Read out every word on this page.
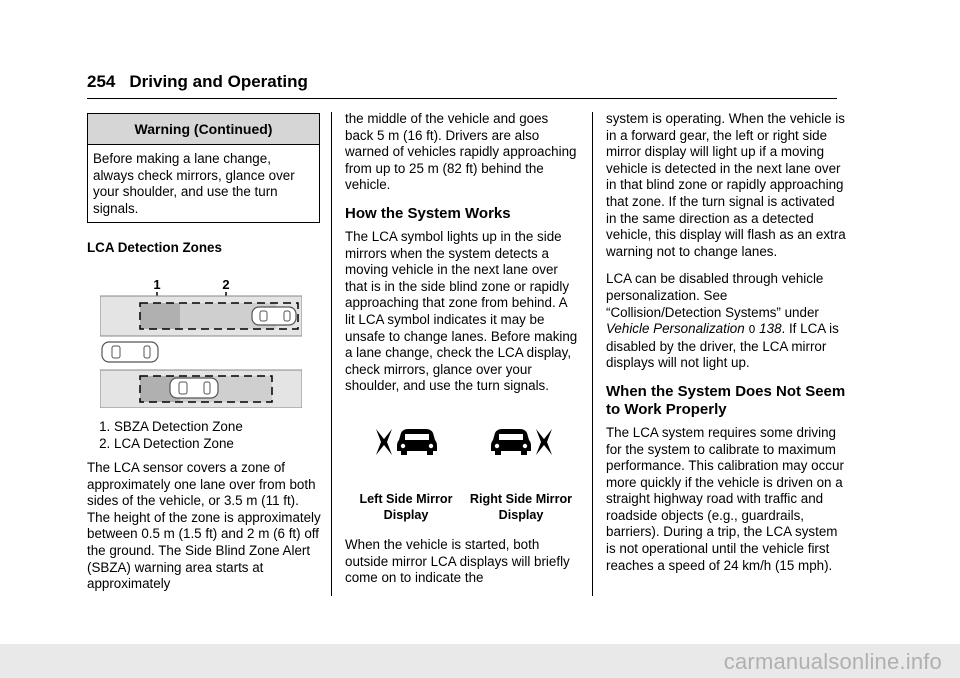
254 Driving and Operating
Warning (Continued)
Before making a lane change, always check mirrors, glance over your shoulder, and use the turn signals.
LCA Detection Zones
1	2
1. SBZA Detection Zone
2. LCA Detection Zone
The LCA sensor covers a zone of approximately one lane over from both sides of the vehicle, or 3.5 m (11 ft). The height of the zone is approximately between 0.5 m (1.5 ft) and 2 m (6 ft) off the ground. The Side Blind Zone Alert (SBZA) warning area starts at approximately

the middle of the vehicle and goes back 5 m (16 ft). Drivers are also warned of vehicles rapidly approaching from up to 25 m (82 ft) behind the vehicle.

How the System Works

The LCA symbol lights up in the side mirrors when the system detects a moving vehicle in the next lane over that is in the side blind zone or rapidly approaching that zone from behind. A lit LCA symbol indicates it may be unsafe to change lanes. Before making a lane change, check the LCA display, check mirrors, glance over your shoulder, and use the turn signals.

Left Side Mirror
Display
Right Side Mirror
Display
When the vehicle is started, both outside mirror LCA displays will briefly come on to indicate the

system is operating. When the vehicle is in a forward gear, the left or right side mirror display will light up if a moving vehicle is detected in the next lane over in that blind zone or rapidly approaching that zone. If the turn signal is activated in the same direction as a detected vehicle, this display will flash as an extra warning not to change lanes.

LCA can be disabled through vehicle personalization. See “Collision/Detection Systems” under Vehicle Personalization 0 138. If LCA is disabled by the driver, the LCA mirror displays will not light up.

When the System Does Not Seem to Work Properly

The LCA system requires some driving for the system to calibrate to maximum performance. This calibration may occur more quickly if the vehicle is driven on a straight highway road with traffic and roadside objects (e.g., guardrails, barriers). During a trip, the LCA system is not operational until the vehicle first reaches a speed of 24 km/h (15 mph).

carmanualsonline.info
